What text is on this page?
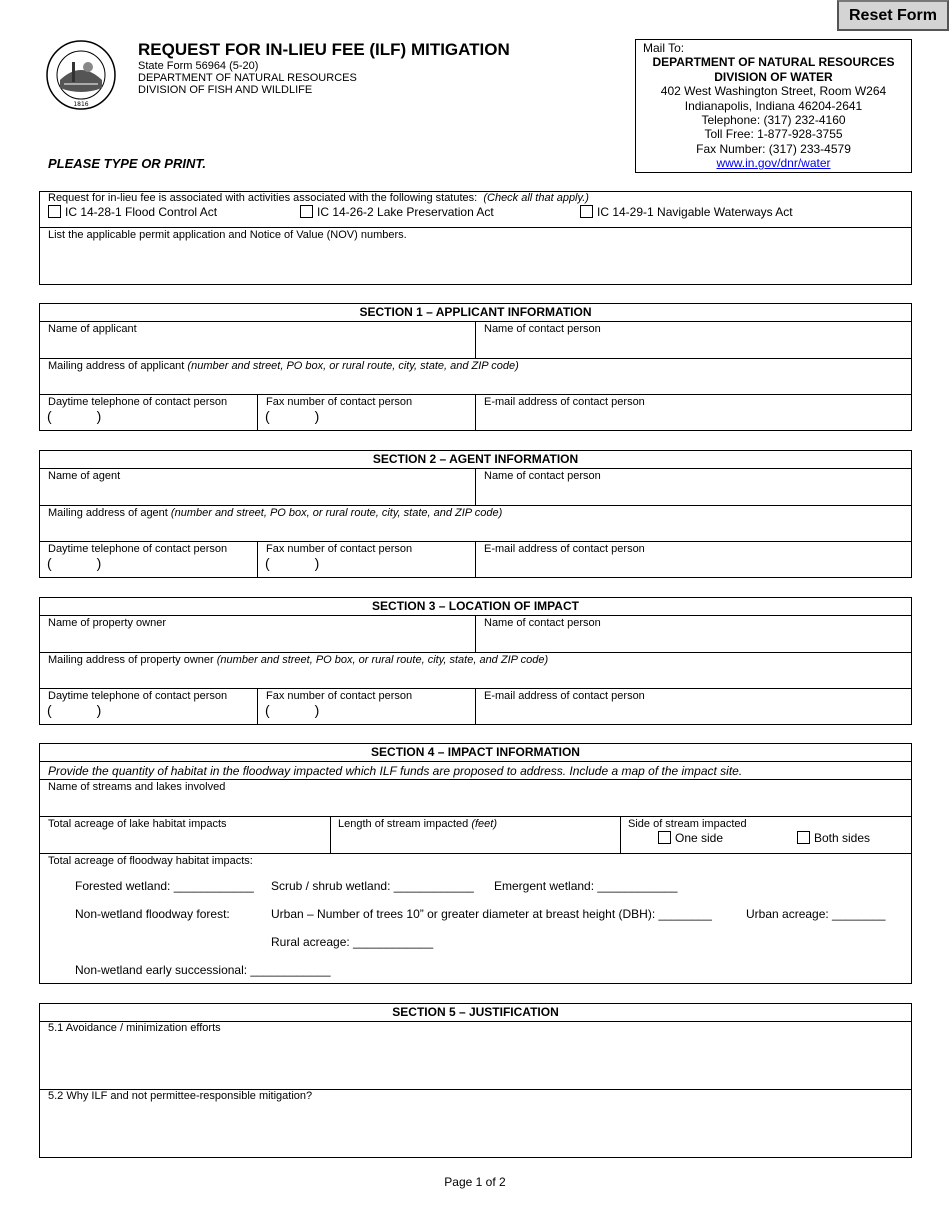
Reset Form
1816
REQUEST FOR IN-LIEU FEE (ILF) MITIGATION
State Form 56964 (5-20)
DEPARTMENT OF NATURAL RESOURCES
DIVISION OF FISH AND WILDLIFE
Mail To:
DEPARTMENT OF NATURAL RESOURCES
DIVISION OF WATER
402 West Washington Street, Room W264
Indianapolis, Indiana 46204-2641
Telephone: (317) 232-4160
Toll Free: 1-877-928-3755
Fax Number: (317) 233-4579
www.in.gov/dnr/water
PLEASE TYPE OR PRINT.
Request for in-lieu fee is associated with activities associated with the following statutes: (Check all that apply.)
IC 14-28-1 Flood Control Act	IC 14-26-2 Lake Preservation Act	IC 14-29-1 Navigable Waterways Act
List the applicable permit application and Notice of Value (NOV) numbers.
SECTION 1 – APPLICANT INFORMATION
Name of applicant	Name of contact person
Mailing address of applicant (number and street, PO box, or rural route, city, state, and ZIP code)
Daytime telephone of contact person	Fax number of contact person	E-mail address of contact person
(	)	(	)
SECTION 2 – AGENT INFORMATION
Name of agent	Name of contact person
Mailing address of agent (number and street, PO box, or rural route, city, state, and ZIP code)
Daytime telephone of contact person	Fax number of contact person	E-mail address of contact person
(	)	(	)
SECTION 3 – LOCATION OF IMPACT
Name of property owner	Name of contact person
Mailing address of property owner (number and street, PO box, or rural route, city, state, and ZIP code)
Daytime telephone of contact person	Fax number of contact person	E-mail address of contact person
(	)	(	)
SECTION 4 – IMPACT INFORMATION
Provide the quantity of habitat in the floodway impacted which ILF funds are proposed to address. Include a map of the impact site.
Name of streams and lakes involved
Total acreage of lake habitat impacts	Length of stream impacted (feet)	Side of stream impacted
One side	Both sides
Total acreage of floodway habitat impacts:
Forested wetland: ____________ Scrub / shrub wetland: ____________ Emergent wetland: ____________
Non-wetland floodway forest:	Urban – Number of trees 10” or greater diameter at breast height (DBH): ________	Urban acreage: ________
Rural acreage: ____________
Non-wetland early successional: ____________
SECTION 5 – JUSTIFICATION
5.1 Avoidance / minimization efforts
5.2 Why ILF and not permittee-responsible mitigation?
Page 1 of 2
